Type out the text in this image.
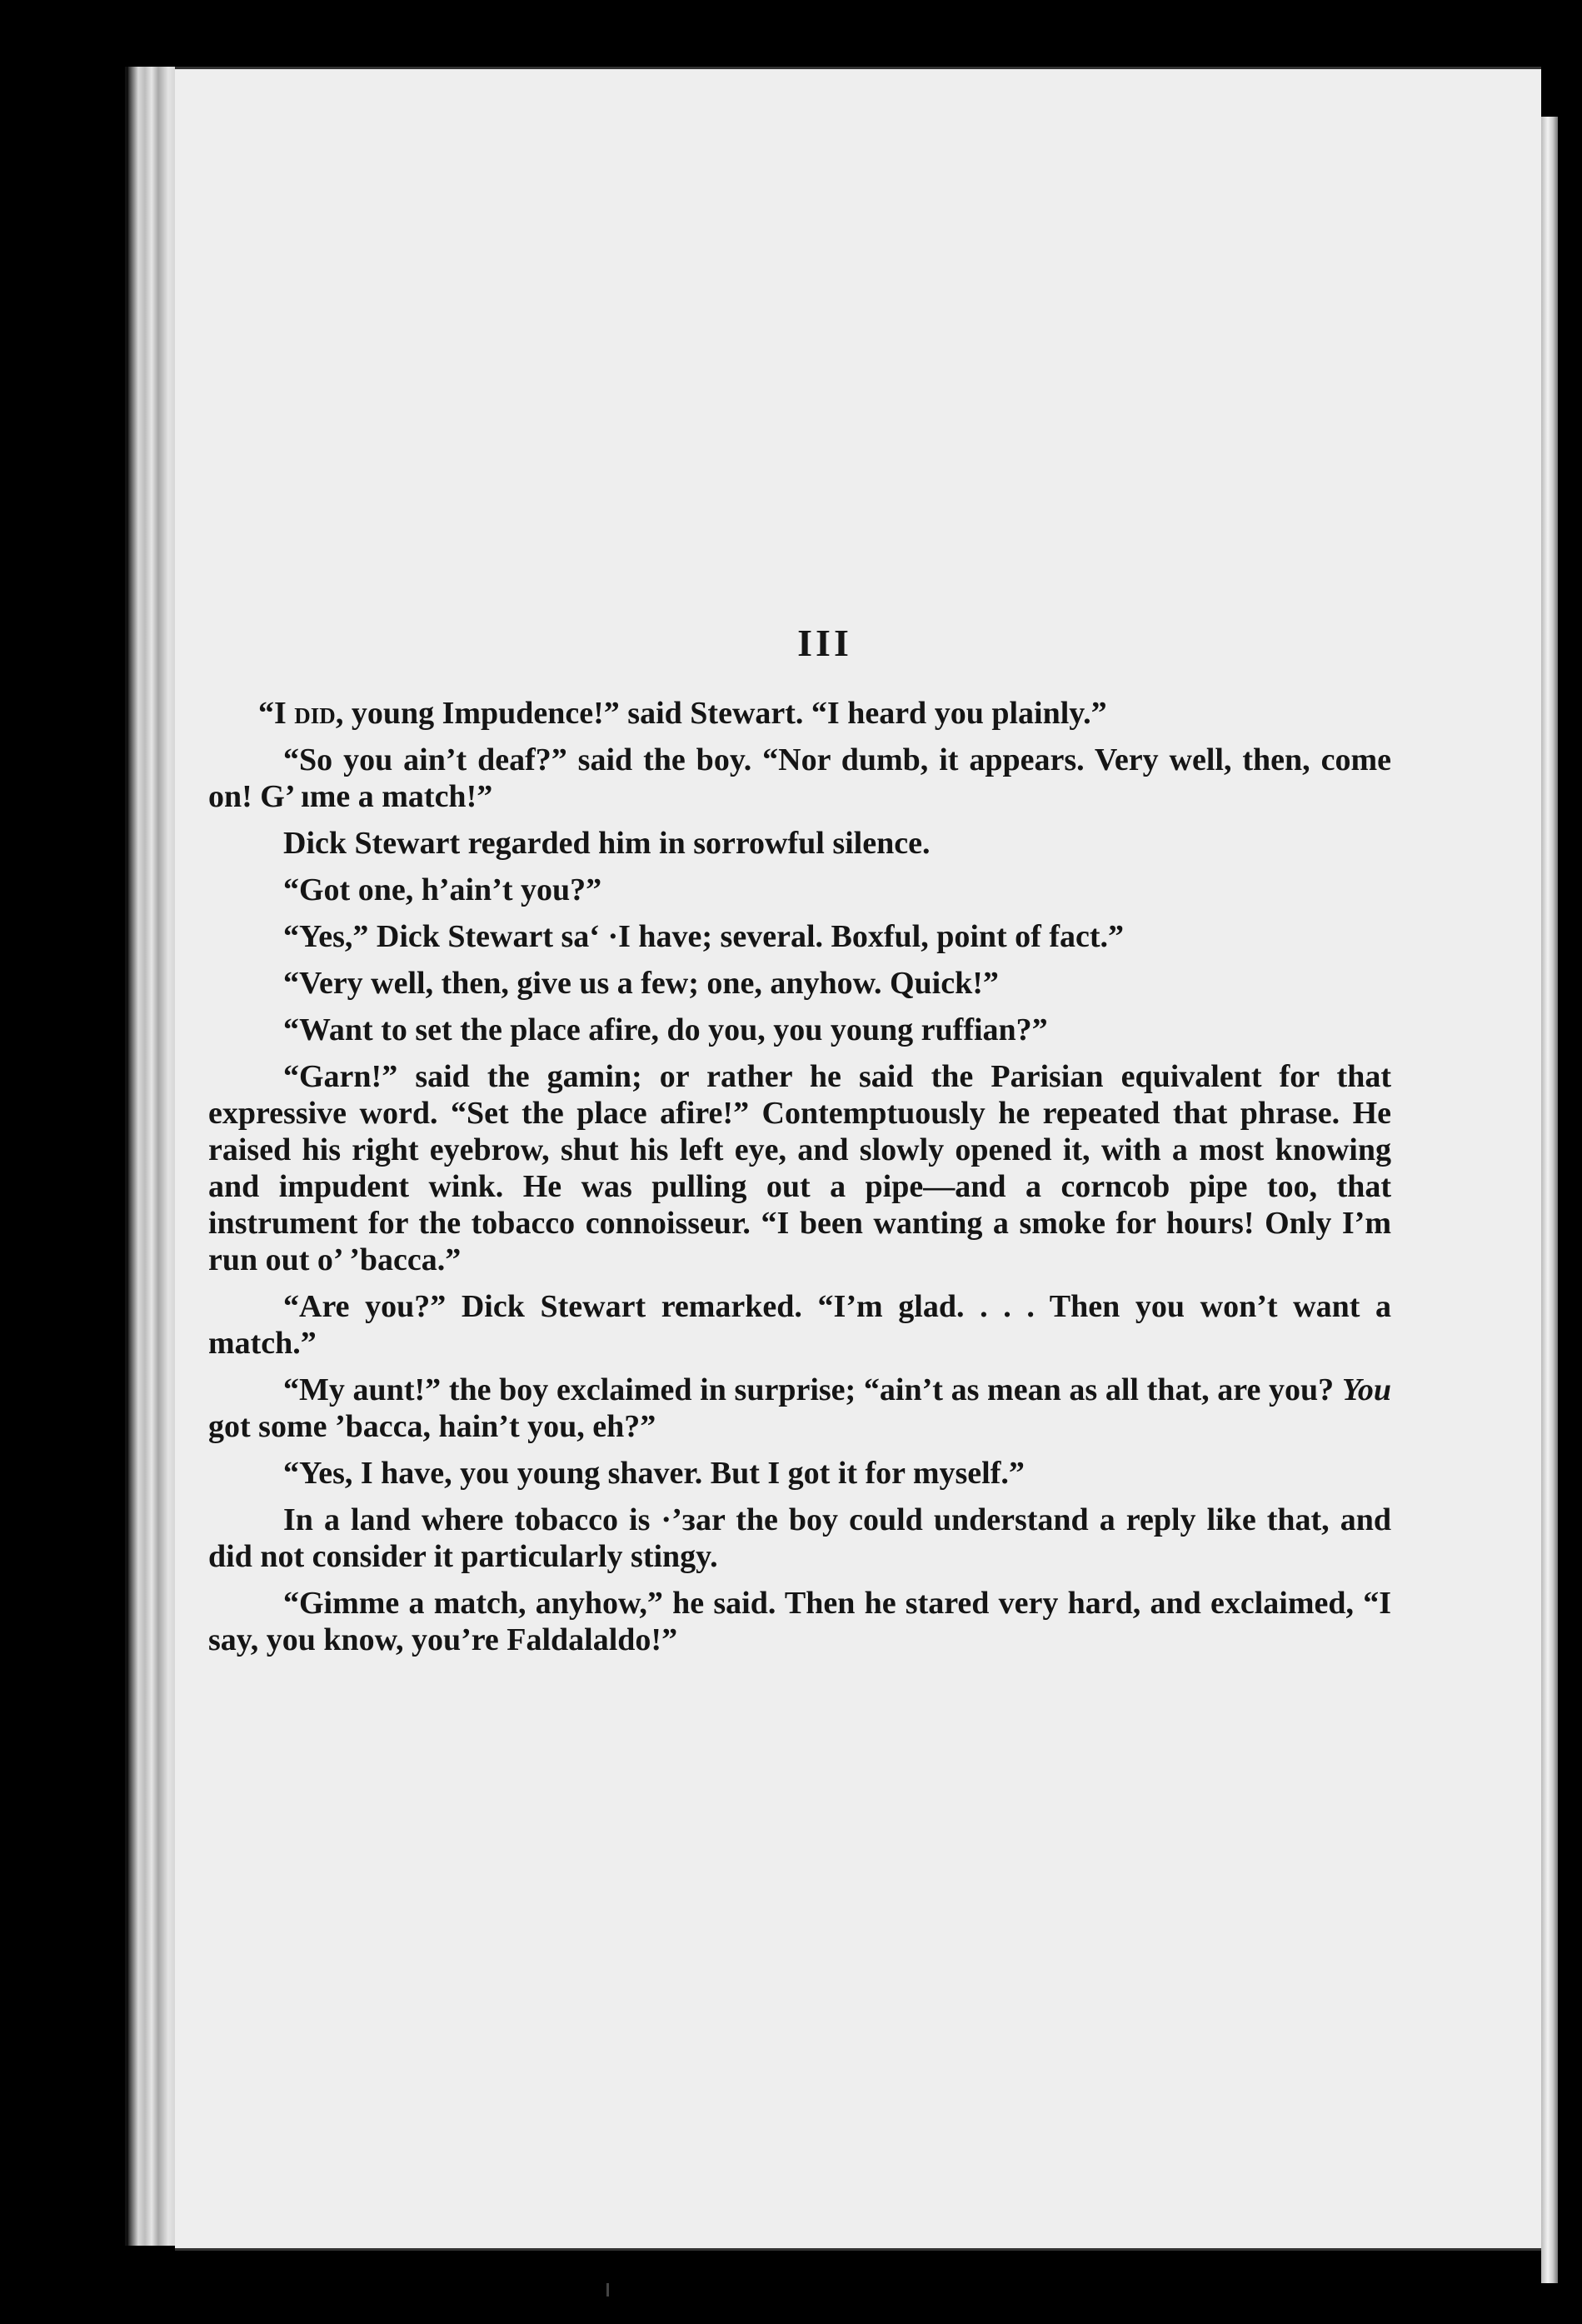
III

“I did, young Impudence!” said Stewart. “I heard you plainly.”

“So you ain’t deaf?” said the boy. “Nor dumb, it appears. Very well, then, come on! G’ ıme a match!”

Dick Stewart regarded him in sorrowful silence.

“Got one, h’ain’t you?”

“Yes,” Dick Stewart sa‘ ·I have; several. Boxful, point of fact.”

“Very well, then, give us a few; one, anyhow. Quick!”

“Want to set the place afire, do you, you young ruffian?”

“Garn!” said the gamin; or rather he said the Parisian equivalent for that expressive word. “Set the place afire!” Contemptuously he repeated that phrase. He raised his right eyebrow, shut his left eye, and slowly opened it, with a most knowing and impudent wink. He was pulling out a pipe—and a corncob pipe too, that instrument for the tobacco connoisseur. “I been wanting a smoke for hours! Only I’m run out o’ ’bacca.”

“Are you?” Dick Stewart remarked. “I’m glad. . . . Then you won’t want a match.”

“My aunt!” the boy exclaimed in surprise; “ain’t as mean as all that, are you? You got some ’bacca, hain’t you, eh?”

“Yes, I have, you young shaver. But I got it for myself.”

In a land where tobacco is ·’ɜar the boy could understand a reply like that, and did not consider it particularly stingy.

“Gimme a match, anyhow,” he said. Then he stared very hard, and exclaimed, “I say, you know, you’re Faldalaldo!”
